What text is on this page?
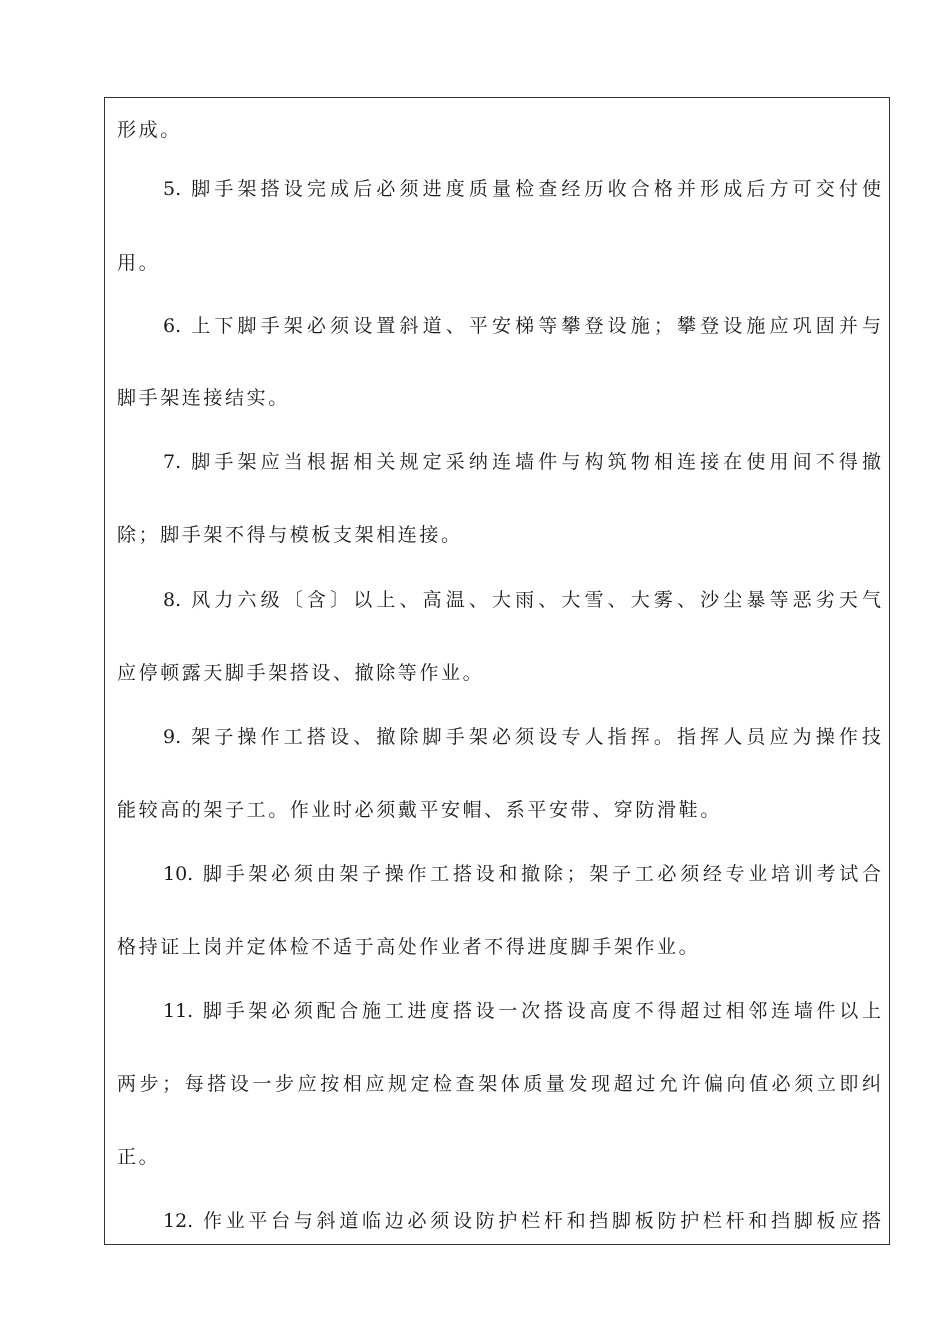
形成。
5. 脚手架搭设完成后必须进度质量检查经历收合格并形成后方可交付使
用。
6. 上下脚手架必须设置斜道、平安梯等攀登设施；攀登设施应巩固并与
脚手架连接结实。
7. 脚手架应当根据相关规定采纳连墙件与构筑物相连接在使用间不得撤
除；脚手架不得与模板支架相连接。
8. 风力六级〔含〕以上、高温、大雨、大雪、大雾、沙尘暴等恶劣天气
应停顿露天脚手架搭设、撤除等作业。
9. 架子操作工搭设、撤除脚手架必须设专人指挥。指挥人员应为操作技
能较高的架子工。作业时必须戴平安帽、系平安带、穿防滑鞋。
10. 脚手架必须由架子操作工搭设和撤除；架子工必须经专业培训考试合
格持证上岗并定体检不适于高处作业者不得进度脚手架作业。
11. 脚手架必须配合施工进度搭设一次搭设高度不得超过相邻连墙件以上
两步；每搭设一步应按相应规定检查架体质量发现超过允许偏向值必须立即纠
正。
12. 作业平台与斜道临边必须设防护栏杆和挡脚板防护栏杆和挡脚板应搭
